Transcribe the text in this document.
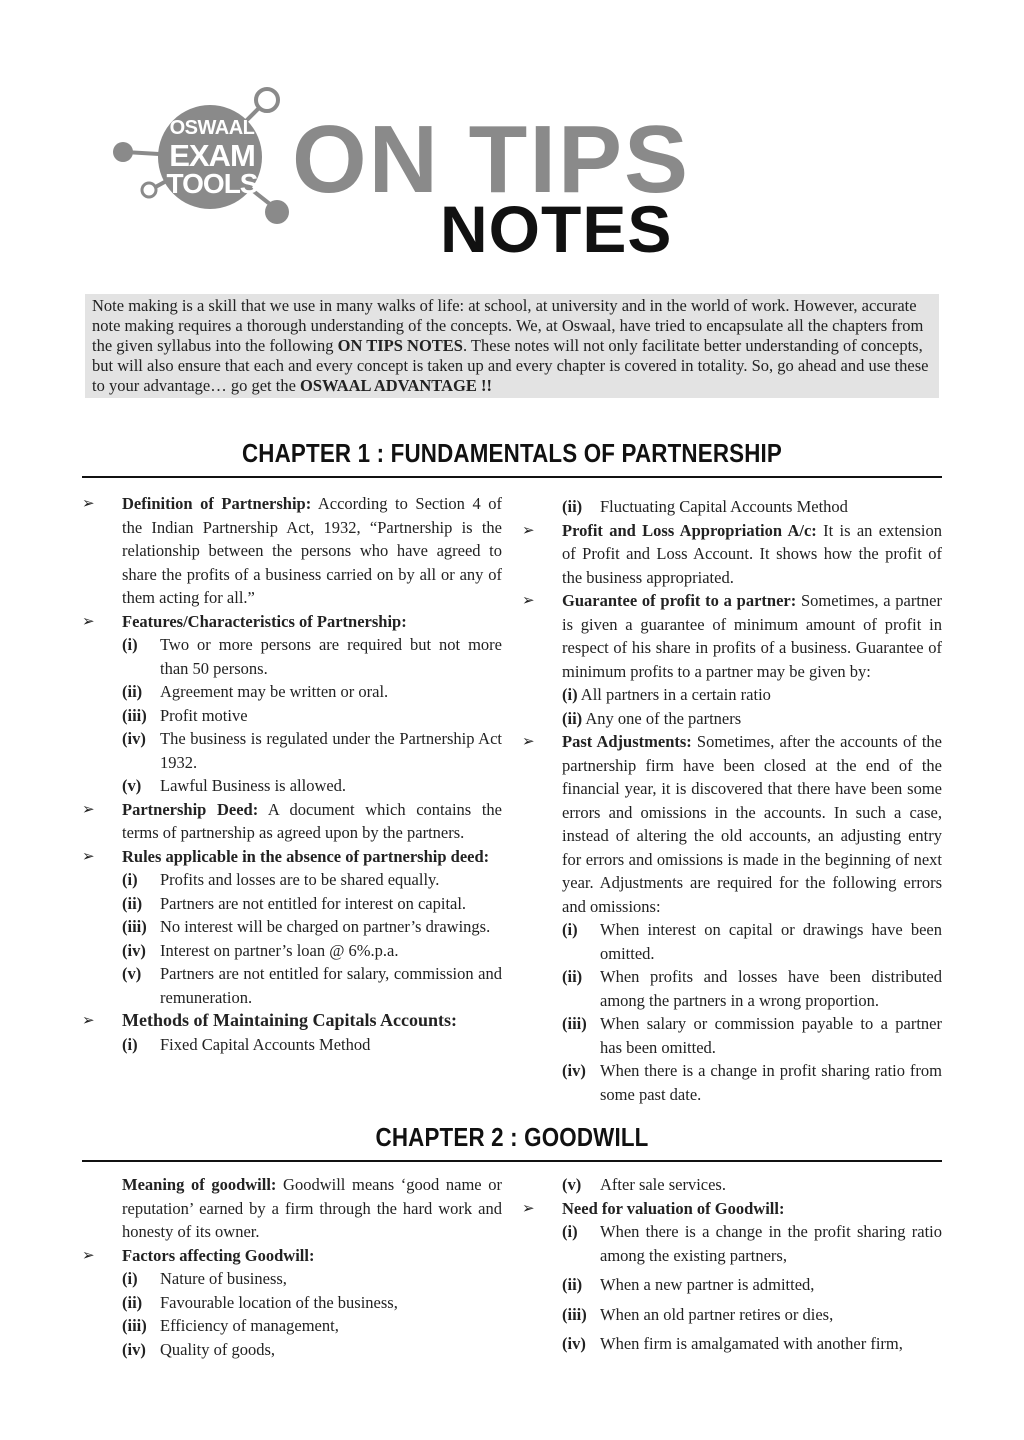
OSWAAL
EXAM
TOOLS ON TIPS
NOTES
Note making is a skill that we use in many walks of life: at school, at university and in the world of work. However, accurate note making requires a thorough understanding of the concepts. We, at Oswaal, have tried to encapsulate all the chapters from the given syllabus into the following ON TIPS NOTES. These notes will not only facilitate better understanding of concepts, but will also ensure that each and every concept is taken up and every chapter is covered in totality. So, go ahead and use these to your advantage… go get the OSWAAL ADVANTAGE !!
CHAPTER 1 : FUNDAMENTALS OF PARTNERSHIP
➢	Definition of Partnership: According to Section 4 of the Indian Partnership Act, 1932, “Partnership is the relationship between the persons who have agreed to share the profits of a business carried on by all or any of them acting for all.”
➢	Features/Characteristics of Partnership:
(i) Two or more persons are required but not more than 50 persons.
(ii) Agreement may be written or oral.
(iii) Profit motive
(iv) The business is regulated under the Partnership Act 1932.
(v) Lawful Business is allowed.
➢	Partnership Deed: A document which contains the terms of partnership as agreed upon by the partners.
➢	Rules applicable in the absence of partnership deed:
(i) Profits and losses are to be shared equally.
(ii) Partners are not entitled for interest on capital.
(iii) No interest will be charged on partner’s drawings.
(iv) Interest on partner’s loan @ 6%.p.a.
(v) Partners are not entitled for salary, commission and remuneration.
➢	Methods of Maintaining Capitals Accounts:
(i) Fixed Capital Accounts Method
(ii) Fluctuating Capital Accounts Method
➢	Profit and Loss Appropriation A/c: It is an extension of Profit and Loss Account. It shows how the profit of the business appropriated.
➢	Guarantee of profit to a partner: Sometimes, a partner is given a guarantee of minimum amount of profit in respect of his share in profits of a business. Guarantee of minimum profits to a partner may be given by:
(i) All partners in a certain ratio
(ii) Any one of the partners
➢	Past Adjustments: Sometimes, after the accounts of the partnership firm have been closed at the end of the financial year, it is discovered that there have been some errors and omissions in the accounts. In such a case, instead of altering the old accounts, an adjusting entry for errors and omissions is made in the beginning of next year. Adjustments are required for the following errors and omissions:
(i) When interest on capital or drawings have been omitted.
(ii) When profits and losses have been distributed among the partners in a wrong proportion.
(iii) When salary or commission payable to a partner has been omitted.
(iv) When there is a change in profit sharing ratio from some past date.
CHAPTER 2 : GOODWILL
Meaning of goodwill: Goodwill means ‘good name or reputation’ earned by a firm through the hard work and honesty of its owner.
➢	Factors affecting Goodwill:
(i) Nature of business,
(ii) Favourable location of the business,
(iii) Efficiency of management,
(iv) Quality of goods,
(v) After sale services.
➢	Need for valuation of Goodwill:
(i) When there is a change in the profit sharing ratio among the existing partners,
(ii) When a new partner is admitted,
(iii) When an old partner retires or dies,
(iv) When firm is amalgamated with another firm,
